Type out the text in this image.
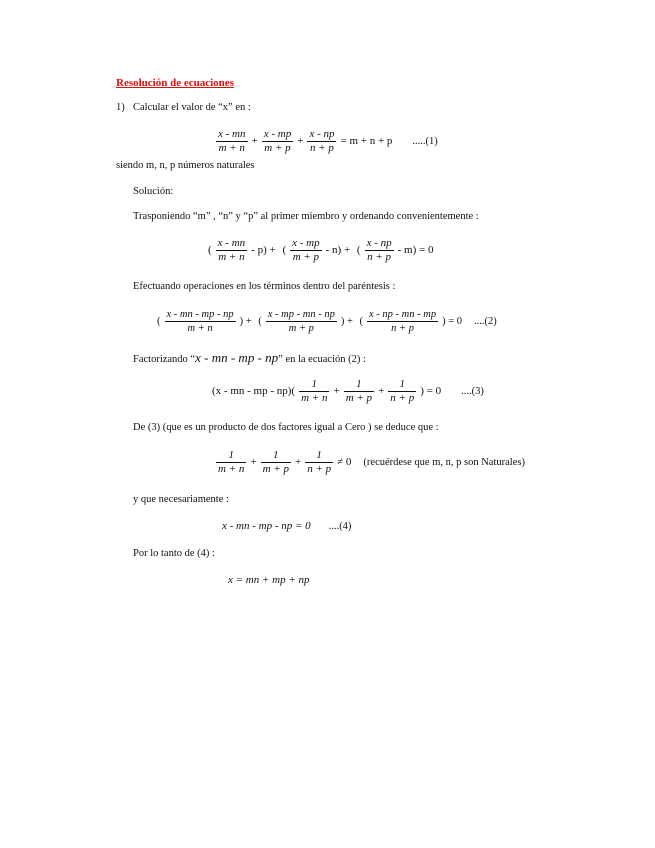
Resolución de ecuaciones
1) Calcular el valor de “x” en :
$\frac{x - mn}{m + n} + \frac{x - mp}{m + p} + \frac{x - np}{n + p} = m + n + p$ .....(1)
siendo m, n, p números naturales
Solución:
Trasponiendo “m” , “n” y “p” al primer miembro y ordenando convenientemente :
( $\frac{x - mn}{m + n} - p$) + ( $\frac{x - mp}{m + p} - n$) + ( $\frac{x - np}{n + p} - m) = 0$
Efectuando operaciones en los términos dentro del paréntesis :
( $\frac{x - mn - mp - np}{m + n}$ ) + ( $\frac{x - mp - mn - np}{m + p}$ ) + ( $\frac{x - np - mn - mp}{n + p}$ ) = 0 ....(2)
Factorizando “x - mn - mp - np” en la ecuación (2) :
(x - mn - mp - $np)( \frac{1}{m + n} + \frac{1}{m + p} + \frac{1}{n + p}$ ) = 0 ....(3)
De (3) (que es un producto de dos factores igual a Cero ) se deduce que :
$\frac{1}{m + n} + \frac{1}{m + p} + \frac{1}{n + p} \ne 0$ (recuérdese que m, n, p son Naturales)
y que necesariamente :
x - mn - mp - np = 0 ....(4)
Por lo tanto de (4) :
x = mn + mp + np
